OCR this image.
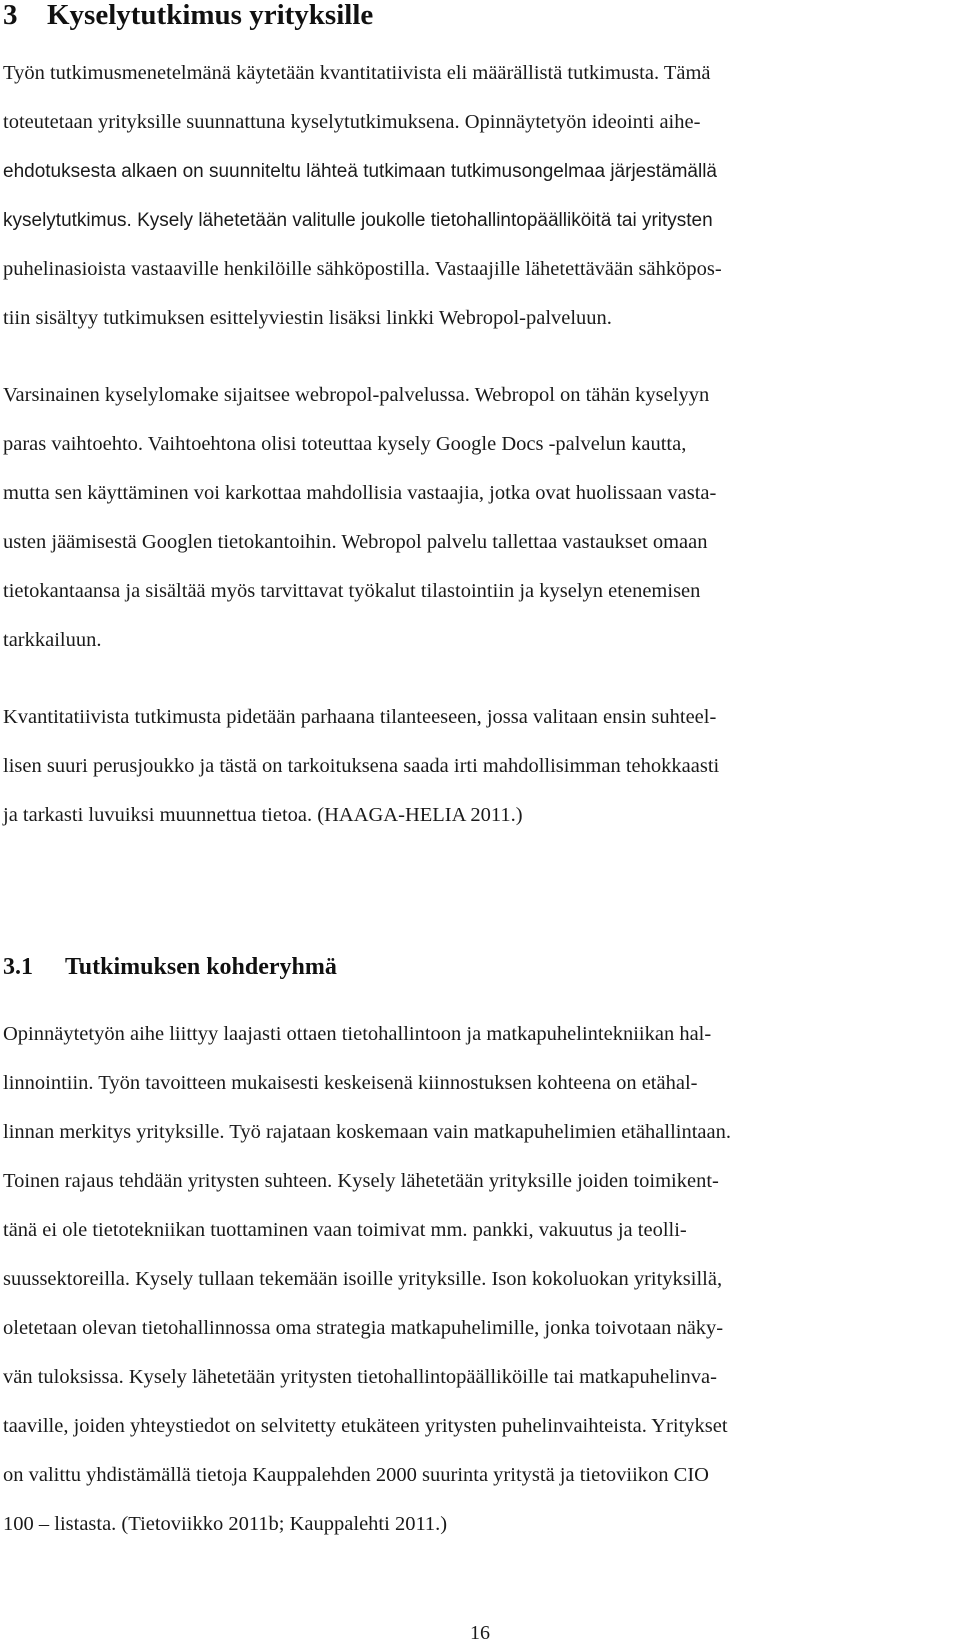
3 Kyselytutkimus yrityksille
Työn tutkimusmenetelmänä käytetään kvantitatiivista eli määrällistä tutkimusta. Tämä
toteutetaan yrityksille suunnattuna kyselytutkimuksena. Opinnäytetyön ideointi aihe-
ehdotuksesta alkaen on suunniteltu lähteä tutkimaan tutkimusongelmaa järjestämällä
kyselytutkimus. Kysely lähetetään valitulle joukolle tietohallintopäälliköitä tai yritysten
puhelinasioista vastaaville henkilöille sähköpostilla. Vastaajille lähetettävään sähköpos-
tiin sisältyy tutkimuksen esittelyviestin lisäksi linkki Webropol-palveluun.
Varsinainen kyselylomake sijaitsee webropol-palvelussa. Webropol on tähän kyselyyn
paras vaihtoehto. Vaihtoehtona olisi toteuttaa kysely Google Docs -palvelun kautta,
mutta sen käyttäminen voi karkottaa mahdollisia vastaajia, jotka ovat huolissaan vasta-
usten jäämisestä Googlen tietokantoihin. Webropol palvelu tallettaa vastaukset omaan
tietokantaansa ja sisältää myös tarvittavat työkalut tilastointiin ja kyselyn etenemisen
tarkkailuun.
Kvantitatiivista tutkimusta pidetään parhaana tilanteeseen, jossa valitaan ensin suhteel-
lisen suuri perusjoukko ja tästä on tarkoituksena saada irti mahdollisimman tehokkaasti
ja tarkasti luvuiksi muunnettua tietoa. (HAAGA-HELIA 2011.)
3.1 Tutkimuksen kohderyhmä
Opinnäytetyön aihe liittyy laajasti ottaen tietohallintoon ja matkapuhelintekniikan hal-
linnointiin. Työn tavoitteen mukaisesti keskeisenä kiinnostuksen kohteena on etähal-
linnan merkitys yrityksille. Työ rajataan koskemaan vain matkapuhelimien etähallintaan.
Toinen rajaus tehdään yritysten suhteen. Kysely lähetetään yrityksille joiden toimikent-
tänä ei ole tietotekniikan tuottaminen vaan toimivat mm. pankki, vakuutus ja teolli-
suussektoreilla. Kysely tullaan tekemään isoille yrityksille. Ison kokoluokan yrityksillä,
oletetaan olevan tietohallinnossa oma strategia matkapuhelimille, jonka toivotaan näky-
vän tuloksissa. Kysely lähetetään yritysten tietohallintopäälliköille tai matkapuhelinva-
taaville, joiden yhteystiedot on selvitetty etukäteen yritysten puhelinvaihteista. Yritykset
on valittu yhdistämällä tietoja Kauppalehden 2000 suurinta yritystä ja tietoviikon CIO
100 – listasta. (Tietoviikko 2011b; Kauppalehti 2011.)
16
